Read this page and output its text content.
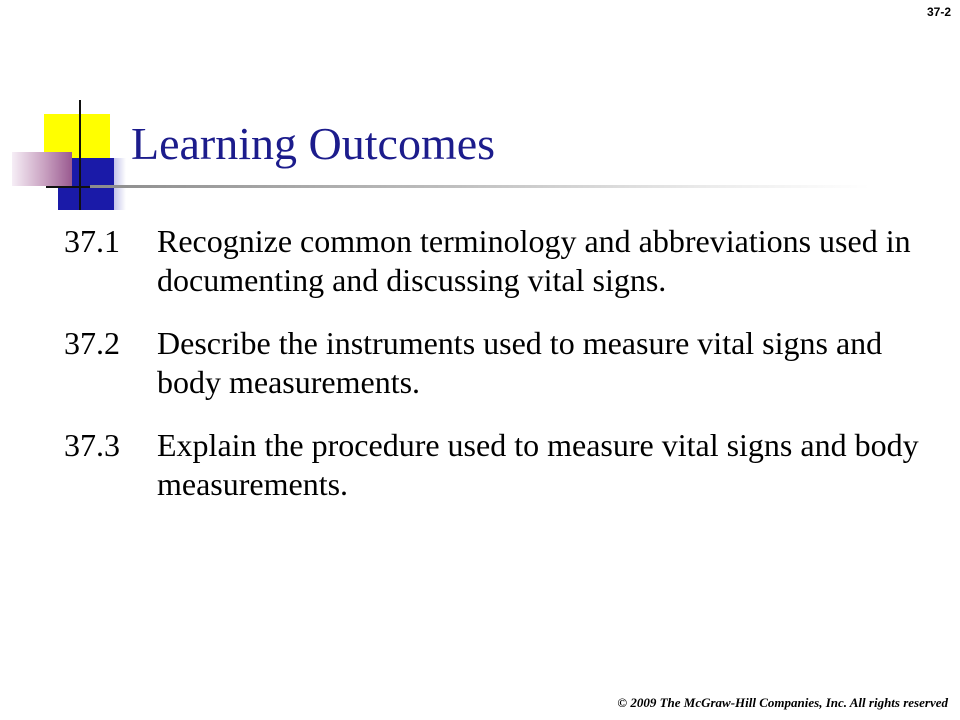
37-2
Learning Outcomes
37.1	Recognize common terminology and abbreviations used in documenting and discussing vital signs.
37.2	Describe the instruments used to measure vital signs and body measurements.
37.3	Explain the procedure used to measure vital signs and body measurements.
© 2009 The McGraw-Hill Companies, Inc. All rights reserved
